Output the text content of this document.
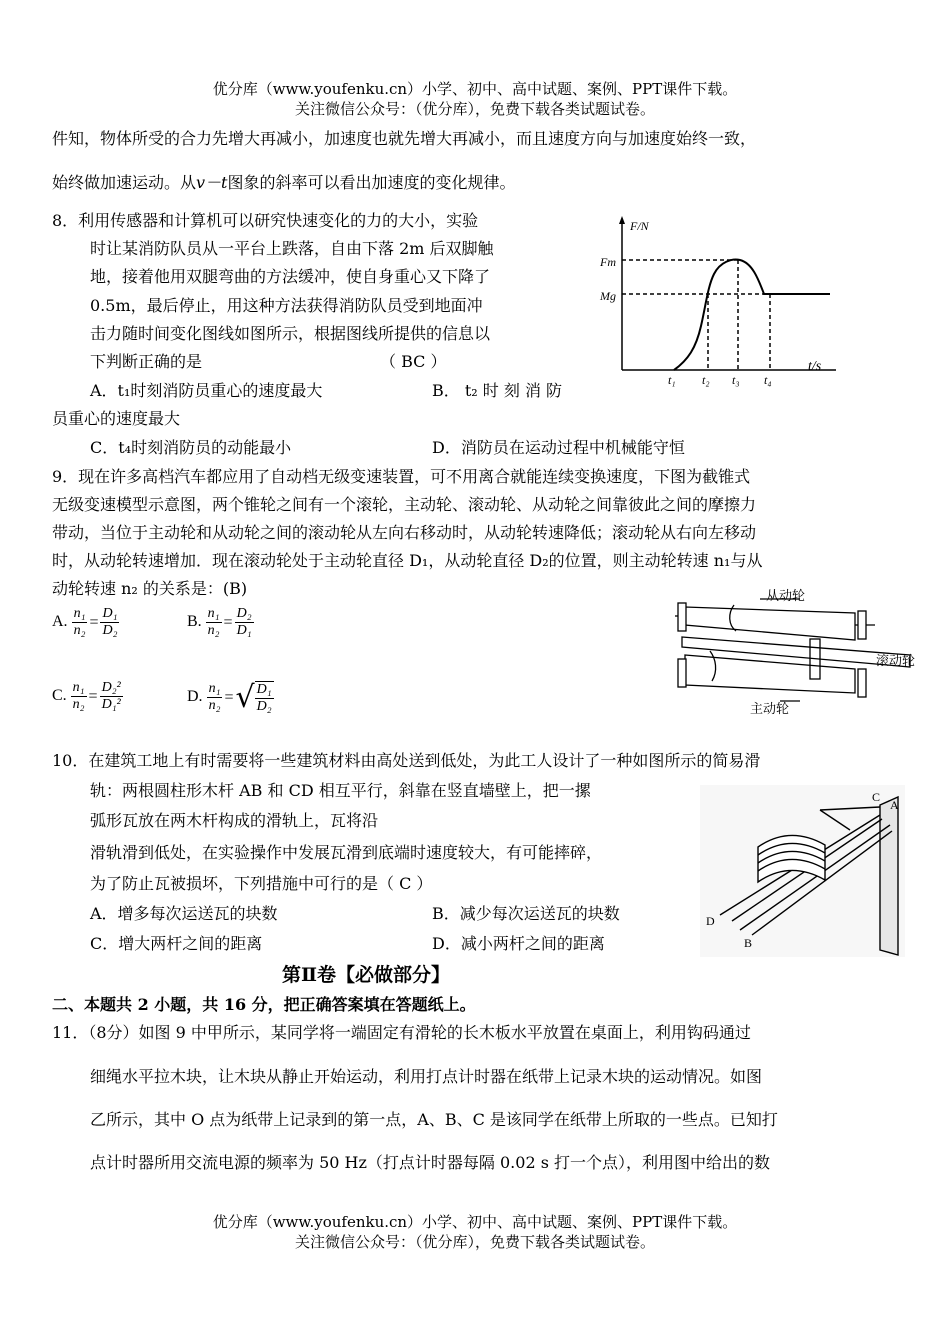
优分库（www.youfenku.cn）小学、初中、高中试题、案例、PPT课件下载。
关注微信公众号：（优分库），免费下载各类试题试卷。
件知，物体所受的合力先增大再减小，加速度也就先增大再减小，而且速度方向与加速度始终一致，
始终做加速运动。从v－t图象的斜率可以看出加速度的变化规律。
8．利用传感器和计算机可以研究快速变化的力的大小，实验
时让某消防队员从一平台上跌落，自由下落 2m 后双脚触
地，接着他用双腿弯曲的方法缓冲，使自身重心又下降了
0.5m，最后停止，用这种方法获得消防队员受到地面冲
击力随时间变化图线如图所示，根据图线所提供的信息以
下判断正确的是	（ BC ）
A．t₁时刻消防员重心的速度最大	B． t₂ 时 刻 消 防
员重心的速度最大
C．t₄时刻消防员的动能最小	D．消防员在运动过程中机械能守恒
F/N
Fm
Mg
t/s
t₁ t₂ t₃ t₄
9．现在许多高档汽车都应用了自动档无级变速装置，可不用离合就能连续变换速度，下图为截锥式
无级变速模型示意图，两个锥轮之间有一个滚轮，主动轮、滚动轮、从动轮之间靠彼此之间的摩擦力
带动，当位于主动轮和从动轮之间的滚动轮从左向右移动时，从动轮转速降低；滚动轮从右向左移动
时，从动轮转速增加．现在滚动轮处于主动轮直径 D₁，从动轮直径 D₂的位置，则主动轮转速 n₁与从
动轮转速 n₂ 的关系是：(B)
A. $\frac{\text{n₁}}{\text{n₂}} = \frac{\text{D₁}}{\text{D₂}}$	B. $\frac{\text{n₁}}{\text{n₂}} = \frac{\text{D₂}}{\text{D₁}}$
C. $\frac{\text{n₁}}{\text{n₂}} = \frac{\text{D₂²}}{\text{D₁²}}$	D. $\frac{\text{n₁}}{\text{n₂}}$ =√ $\frac{\text{D₁}}{\text{D₂}}$
从动轮
滚动轮
主动轮
10．在建筑工地上有时需要将一些建筑材料由高处送到低处，为此工人设计了一种如图所示的简易滑
轨：两根圆柱形木杆 AB 和 CD 相互平行，斜靠在竖直墙壁上，把一摞
弧形瓦放在两木杆构成的滑轨上，瓦将沿
滑轨滑到低处，在实验操作中发展瓦滑到底端时速度较大，有可能摔碎，
为了防止瓦被损坏，下列措施中可行的是（ C ）
A．增多每次运送瓦的块数	B．减少每次运送瓦的块数
C．增大两杆之间的距离	D．减小两杆之间的距离
C
A
D
B
第Ⅱ卷【必做部分】
二、本题共 2 小题，共 16 分，把正确答案填在答题纸上。
11．（8分）如图 9 中甲所示，某同学将一端固定有滑轮的长木板水平放置在桌面上，利用钩码通过
细绳水平拉木块，让木块从静止开始运动，利用打点计时器在纸带上记录木块的运动情况。如图
乙所示，其中 O 点为纸带上记录到的第一点，A、B、C 是该同学在纸带上所取的一些点。已知打
点计时器所用交流电源的频率为 50 Hz（打点计时器每隔 0.02 s 打一个点），利用图中给出的数
优分库（www.youfenku.cn）小学、初中、高中试题、案例、PPT课件下载。
关注微信公众号：（优分库），免费下载各类试题试卷。
